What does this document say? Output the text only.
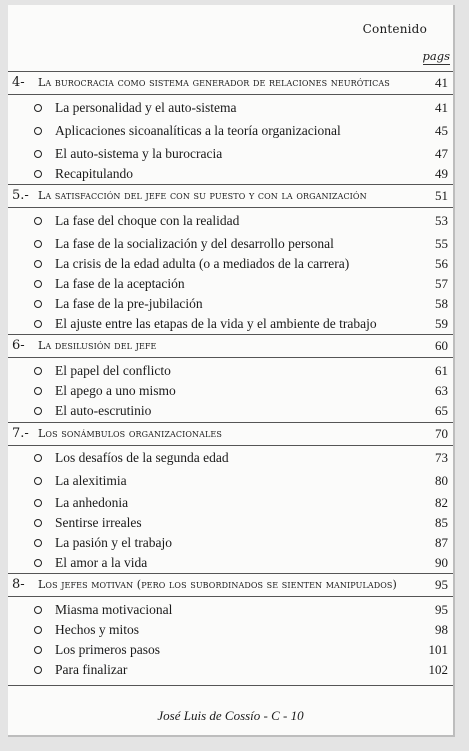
Contenido
pags
4- La burocracia como sistema generador de relaciones neuróticas	41
La personalidad y el auto-sistema	41
Aplicaciones sicoanalíticas a la teoría organizacional	45
El auto-sistema y la burocracia	47
Recapitulando	49
5.- La satisfacción del jefe con su puesto y con la organización	51
La fase del choque con la realidad	53
La fase de la socialización y del desarrollo personal	55
La crisis de la edad adulta (o a mediados de la carrera)	56
La fase de la aceptación	57
La fase de la pre-jubilación	58
El ajuste entre las etapas de la vida y el ambiente de trabajo	59
6- La desilusión del jefe	60
El papel del conflicto	61
El apego a uno mismo	63
El auto-escrutinio	65
7.- Los sonámbulos organizacionales	70
Los desafíos de la segunda edad	73
La alexitimia	80
La anhedonia	82
Sentirse irreales	85
La pasión y el trabajo	87
El amor a la vida	90
8- Los jefes motivan (pero los subordinados se sienten manipulados)	95
Miasma motivacional	95
Hechos y mitos	98
Los primeros pasos	101
Para finalizar	102
José Luis de Cossío - C - 10
